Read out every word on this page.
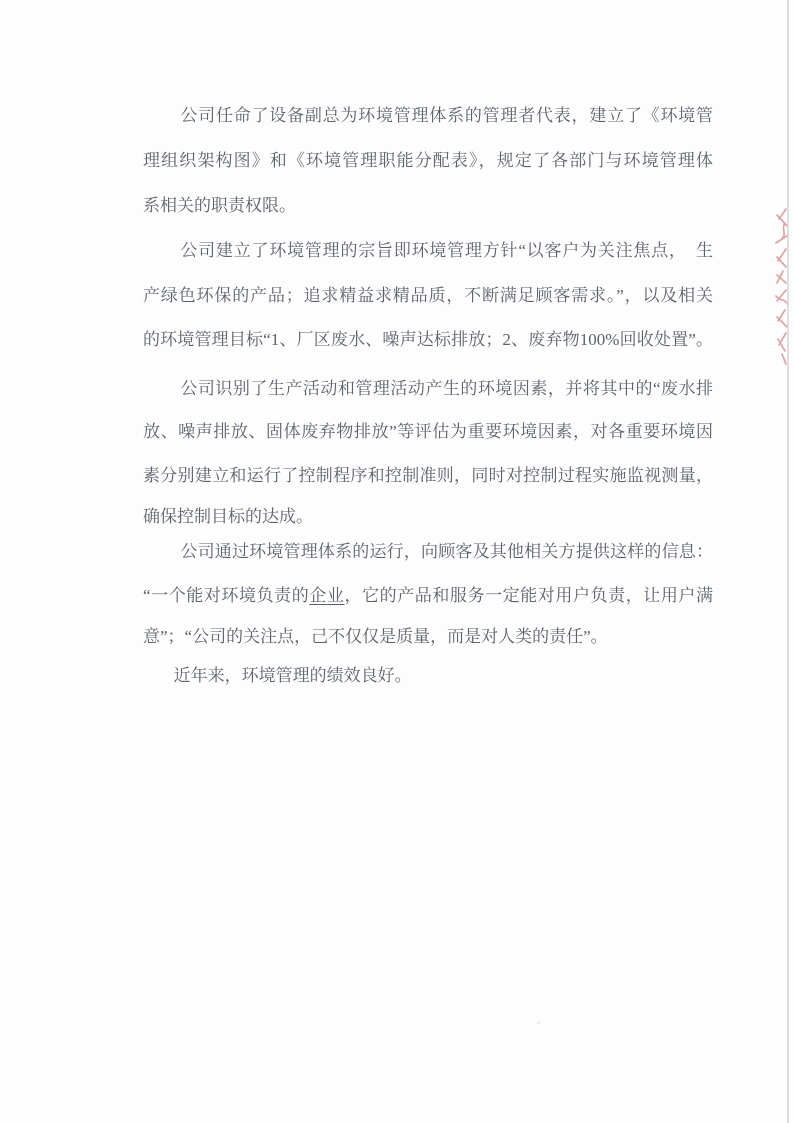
公司任命了设备副总为环境管理体系的管理者代表，建立了《环境管
理组织架构图》和《环境管理职能分配表》，规定了各部门与环境管理体
系相关的职责权限。
公司建立了环境管理的宗旨即环境管理方针“以客户为关注焦点，　生
产绿色环保的产品；追求精益求精品质，不断满足顾客需求。”，以及相关
的环境管理目标“1、厂区废水、噪声达标排放；2、废弃物100%回收处置”。
公司识别了生产活动和管理活动产生的环境因素，并将其中的“废水排
放、噪声排放、固体废弃物排放”等评估为重要环境因素，对各重要环境因
素分别建立和运行了控制程序和控制准则，同时对控制过程实施监视测量，
确保控制目标的达成。
公司通过环境管理体系的运行，向顾客及其他相关方提供这样的信息：
“一个能对环境负责的企业，它的产品和服务一定能对用户负责，让用户满
意”；“公司的关注点，己不仅仅是质量，而是对人类的责任”。
近年来，环境管理的绩效良好。
